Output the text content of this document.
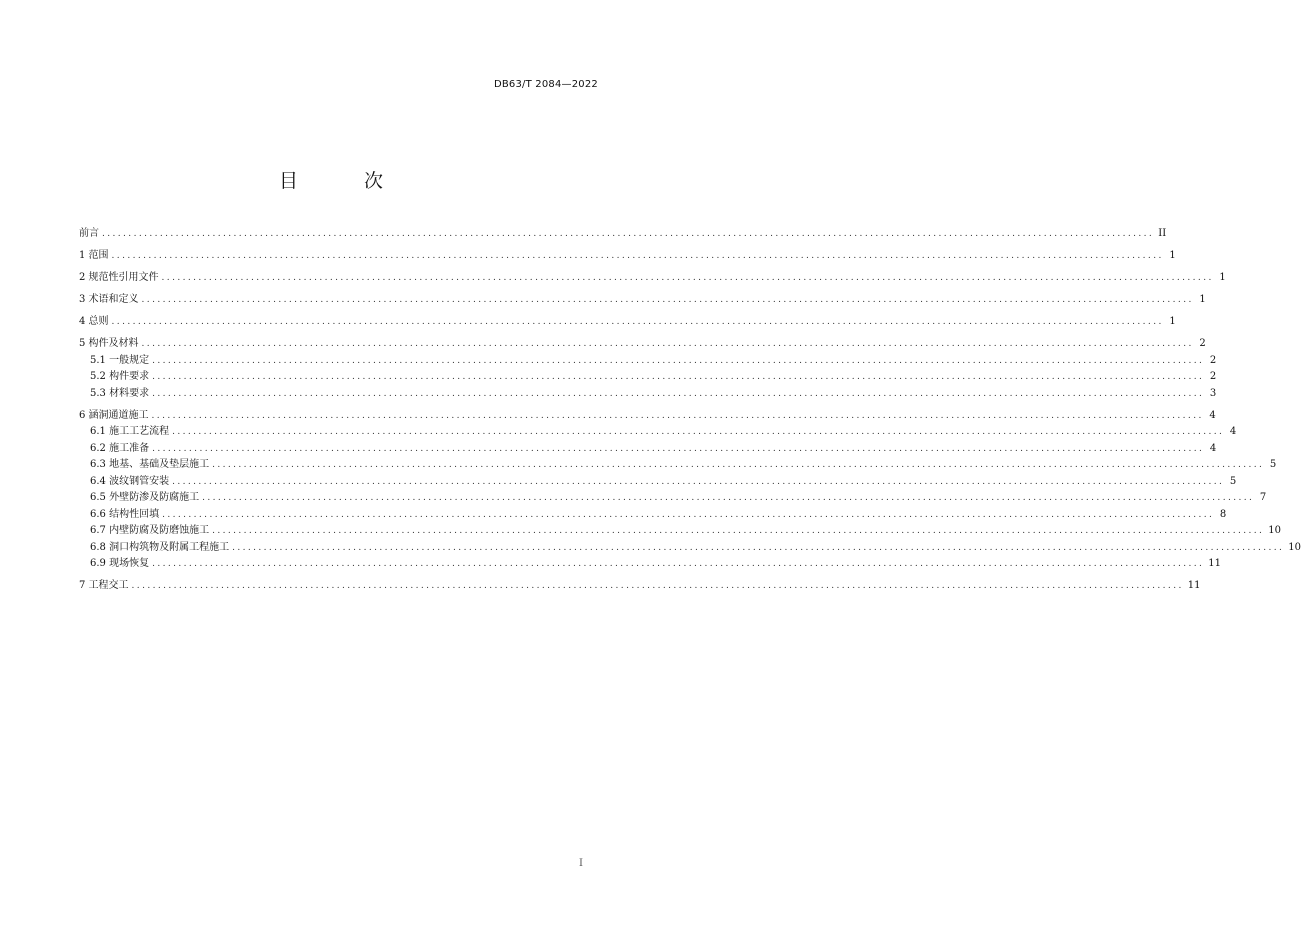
DB63/T 2084—2022
目 次
前言 ........................................................................................................................................................................................................ II
1 范围 ........................................................................................................................................................................................................ 1
2 规范性引用文件 ........................................................................................................................................................................................................ 1
3 术语和定义 ........................................................................................................................................................................................................ 1
4 总则 ........................................................................................................................................................................................................ 1
5 构件及材料 ........................................................................................................................................................................................................ 2
5.1 一般规定 ........................................................................................................................................................................................................ 2
5.2 构件要求 ........................................................................................................................................................................................................ 2
5.3 材料要求 ........................................................................................................................................................................................................ 3
6 涵洞通道施工 ........................................................................................................................................................................................................ 4
6.1 施工工艺流程 ........................................................................................................................................................................................................ 4
6.2 施工准备 ........................................................................................................................................................................................................ 4
6.3 地基、基础及垫层施工 ........................................................................................................................................................................................................ 5
6.4 波纹钢管安装 ........................................................................................................................................................................................................ 5
6.5 外壁防渗及防腐施工 ........................................................................................................................................................................................................ 7
6.6 结构性回填 ........................................................................................................................................................................................................ 8
6.7 内壁防腐及防磨蚀施工 ........................................................................................................................................................................................................ 10
6.8 洞口构筑物及附属工程施工 ........................................................................................................................................................................................................ 10
6.9 现场恢复 ........................................................................................................................................................................................................ 11
7 工程交工 ........................................................................................................................................................................................................ 11
I
